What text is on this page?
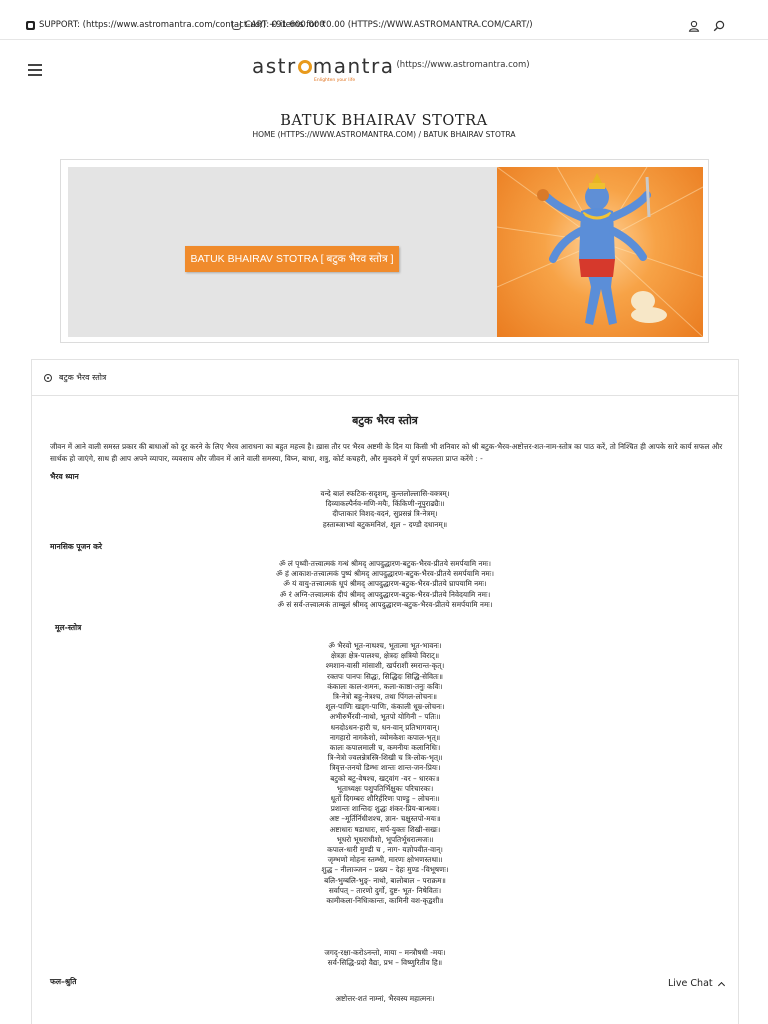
SUPPORT: (https://www.astromantra.com/contact-us/) +91 600.000
CART: 0 items for ₹0.00 (HTTPS://WWW.ASTROMANTRA.COM/CART/)
astr mantra
Enlighten your life
(https://www.astromantra.com)
BATUK BHAIRAV STOTRA
HOME (HTTPS://WWW.ASTROMANTRA.COM) / BATUK BHAIRAV STOTRA
BATUK BHAIRAV STOTRA [ बटुक भैरव स्तोत्र ]
बटुक भैरव स्तोत्र
बटुक भैरव स्तोत्र
जीवन में आने वाली समस्त प्रकार की बाधाओं को दूर करने के लिए भैरव आराधना का बहुत महत्त्व है। ख़ास तौर पर भैरव अष्टमी के दिन या किसी भी शनिवार को श्री बटुक-भैरव-अष्टोत्तर-शत-नाम-स्तोत्र का पाठ करें, तो निश्चित ही आपके सारे कार्य सफल और सार्थक हो जाएंगे, साथ ही आप अपने व्यापार, व्यवसाय और जीवन में आने वाली समस्या, विघ्न, बाधा, शत्रु, कोर्ट कचहरी, और मुकदमे में पूर्ण सफलता प्राप्त करेंगे : -
भैरव ध्यान
वन्दे बालं स्फटिक-सदृशम्, कुन्तलोल्लासि-वक्त्रम्।
दिव्याकल्पैर्नव-मणि-मयैः, किंकिणी-नूपुराढ्यैः॥
दीप्ताकारं विशद-वदनं, सुप्रसन्नं त्रि-नेत्रम्।
हस्ताब्जाभ्यां बटुकमनिशं, शूल – दण्डौ दधानम्॥
मानसिक पूजन करे
ॐ लं पृथ्वी-तत्त्वात्मकं गन्धं श्रीमद् आपदुद्धारण-बटुक-भैरव-प्रीतये समर्पयामि नमः।
ॐ हं आकाश-तत्त्वात्मकं पुष्पं श्रीमद् आपदुद्धारण-बटुक-भैरव-प्रीतये समर्पयामि नमः।
ॐ यं वायु-तत्त्वात्मकं धूपं श्रीमद् आपदुद्धारण-बटुक-भैरव-प्रीतये घ्रापयामि नमः।
ॐ रं अग्नि-तत्त्वात्मकं दीपं श्रीमद् आपदुद्धारण-बटुक-भैरव-प्रीतये निवेदयामि नमः।
ॐ सं सर्व-तत्त्वात्मकं ताम्बूलं श्रीमद् आपदुद्धारण-बटुक-भैरव-प्रीतये समर्पयामि नमः।
मूल-स्तोत्र
ॐ भैरवो भूत-नाथश्च, भूतात्मा भूत-भावनः।
क्षेत्रज्ञः क्षेत्र-पालश्च, क्षेत्रदः क्षत्रियो विराट्॥
श्मशान-वासी मांसाशी, खर्पराशी स्मरान्त-कृत्।
रक्तपः पानपः सिद्धः, सिद्धिदः सिद्धि-सेवितः॥
कंकालः काल-शमनः, कला-काष्ठा-तनुः कविः।
त्रि-नेत्रो बहु-नेत्रश्च, तथा पिंगल-लोचनः॥
शूल-पाणिः खड्ग-पाणिः, कंकाली धूम्र-लोचनः।
अभीरुर्भैरवी-नाथो, भूतपो योगिनी – पतिः॥
धनदोऽधन-हारी च, धन-वान् प्रतिभागवान्।
नागहारो नागकेशो, व्योमकेशः कपाल-भृत्॥
कालः कपालमाली च, कमनीयः कलानिधिः।
त्रि-नेत्रो ज्वलन्नेत्रस्त्रि-शिखी च त्रि-लोक-भृत्॥
त्रिवृत्त-तनयो डिम्भः शान्तः शान्त-जन-प्रियः।
बटुको बटु-वेषश्च, खट्वांग -वर – धारकः॥
भूताध्यक्षः पशुपतिर्भिक्षुकः परिचारकः।
धूर्तो दिगम्बरः शौरिर्हरिणः पाण्डु – लोचनः॥
प्रशान्तः शान्तिदः शुद्धः शंकर-प्रिय-बान्धवः।
अष्ट –मूर्तिर्निधीशश्च, ज्ञान- चक्षुस्तपो-मयः॥
अष्टाधारः षडाधारः, सर्प-युक्तः शिखी-सखः।
भूधरो भूधराधीशो, भूपतिर्भूधरात्मजः॥
कपाल-धारी मुण्डी च , नाग- यज्ञोपवीत-वान्।
जृम्भणो मोहनः स्तम्भी, मारणः क्षोभणस्तथा॥
शुद्ध – नीलाञ्जन – प्रख्य – देहः मुण्ड -विभूषणः।
बलि-भुग्बलि-भुङ्- नाथो, बालोबाल – पराक्रम॥
सर्वापत् – तारणो दुर्गो, दुष्ट- भूत- निषेवितः।
कामीकला-निधिःकान्तः, कामिनी वश-कृद्वशी॥
जगद्-रक्षा-करोऽनन्तो, माया – मन्त्रौषधी -मयः।
सर्व-सिद्धि-प्रदो वैद्यः, प्रभ – विष्णुरितीव हि॥
फल–श्रुति
अष्टोत्तर-शतं नाम्नां, भैरवस्य महात्मनः।
Live Chat
